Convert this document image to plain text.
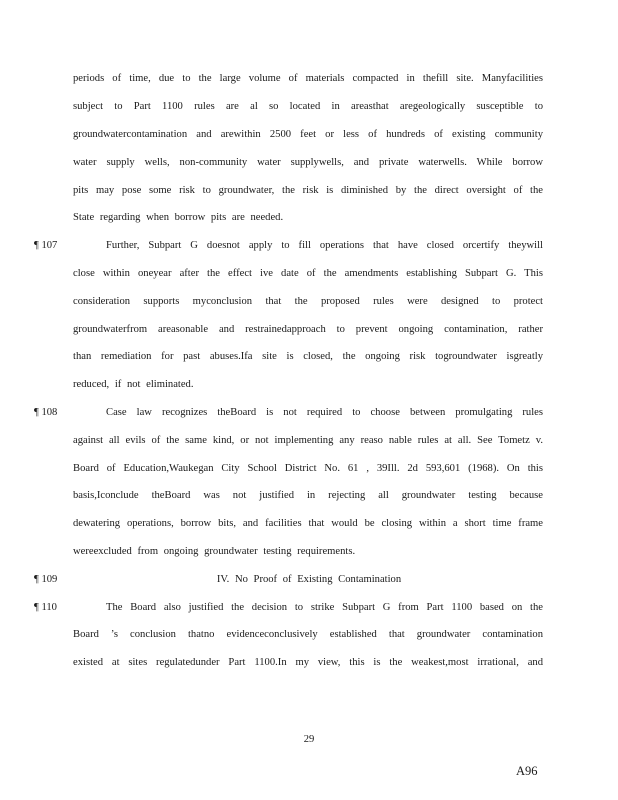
periods of time, due to the large volume of materials compacted in thefill site. Manyfacilities
subject to Part 1100 rules are al so located in areasthat aregeologically susceptible to
groundwatercontamination and arewithin 2500 feet or less of hundreds of existing community
water supply wells, non-community water supplywells, and private waterwells. While borrow
pits may pose some risk to groundwater, the risk is diminished by the direct oversight of the
State regarding when borrow pits are needed.
¶ 107	Further, Subpart G doesnot apply to fill operations that have closed orcertify theywill
close within oneyear after the effect ive date of the amendments establishing Subpart G. This
consideration supports myconclusion that the proposed rules were designed to protect
groundwaterfrom areasonable and restrainedapproach to prevent ongoing contamination, rather
than remediation for past abuses.Ifa site is closed, the ongoing risk togroundwater isgreatly
reduced, if not eliminated.
¶ 108	Case law recognizes theBoard is not required to choose between promulgating rules
against all evils of the same kind, or not implementing any reaso nable rules at all. See Tometz v.
Board of Education,Waukegan City School District No. 61 , 39Ill. 2d 593,601 (1968). On this
basis,Iconclude theBoard was not justified in rejecting all groundwater testing because
dewatering operations, borrow bits, and facilities that would be closing within a short time frame
wereexcluded from ongoing groundwater testing requirements.
¶ 109	IV. No Proof of Existing Contamination
¶ 110	The Board also justified the decision to strike Subpart G from Part 1100 based on the
Board ’s conclusion thatno evidenceconclusively established that groundwater contamination
existed at sites regulatedunder Part 1100.In my view, this is the weakest,most irrational, and
29
A96
